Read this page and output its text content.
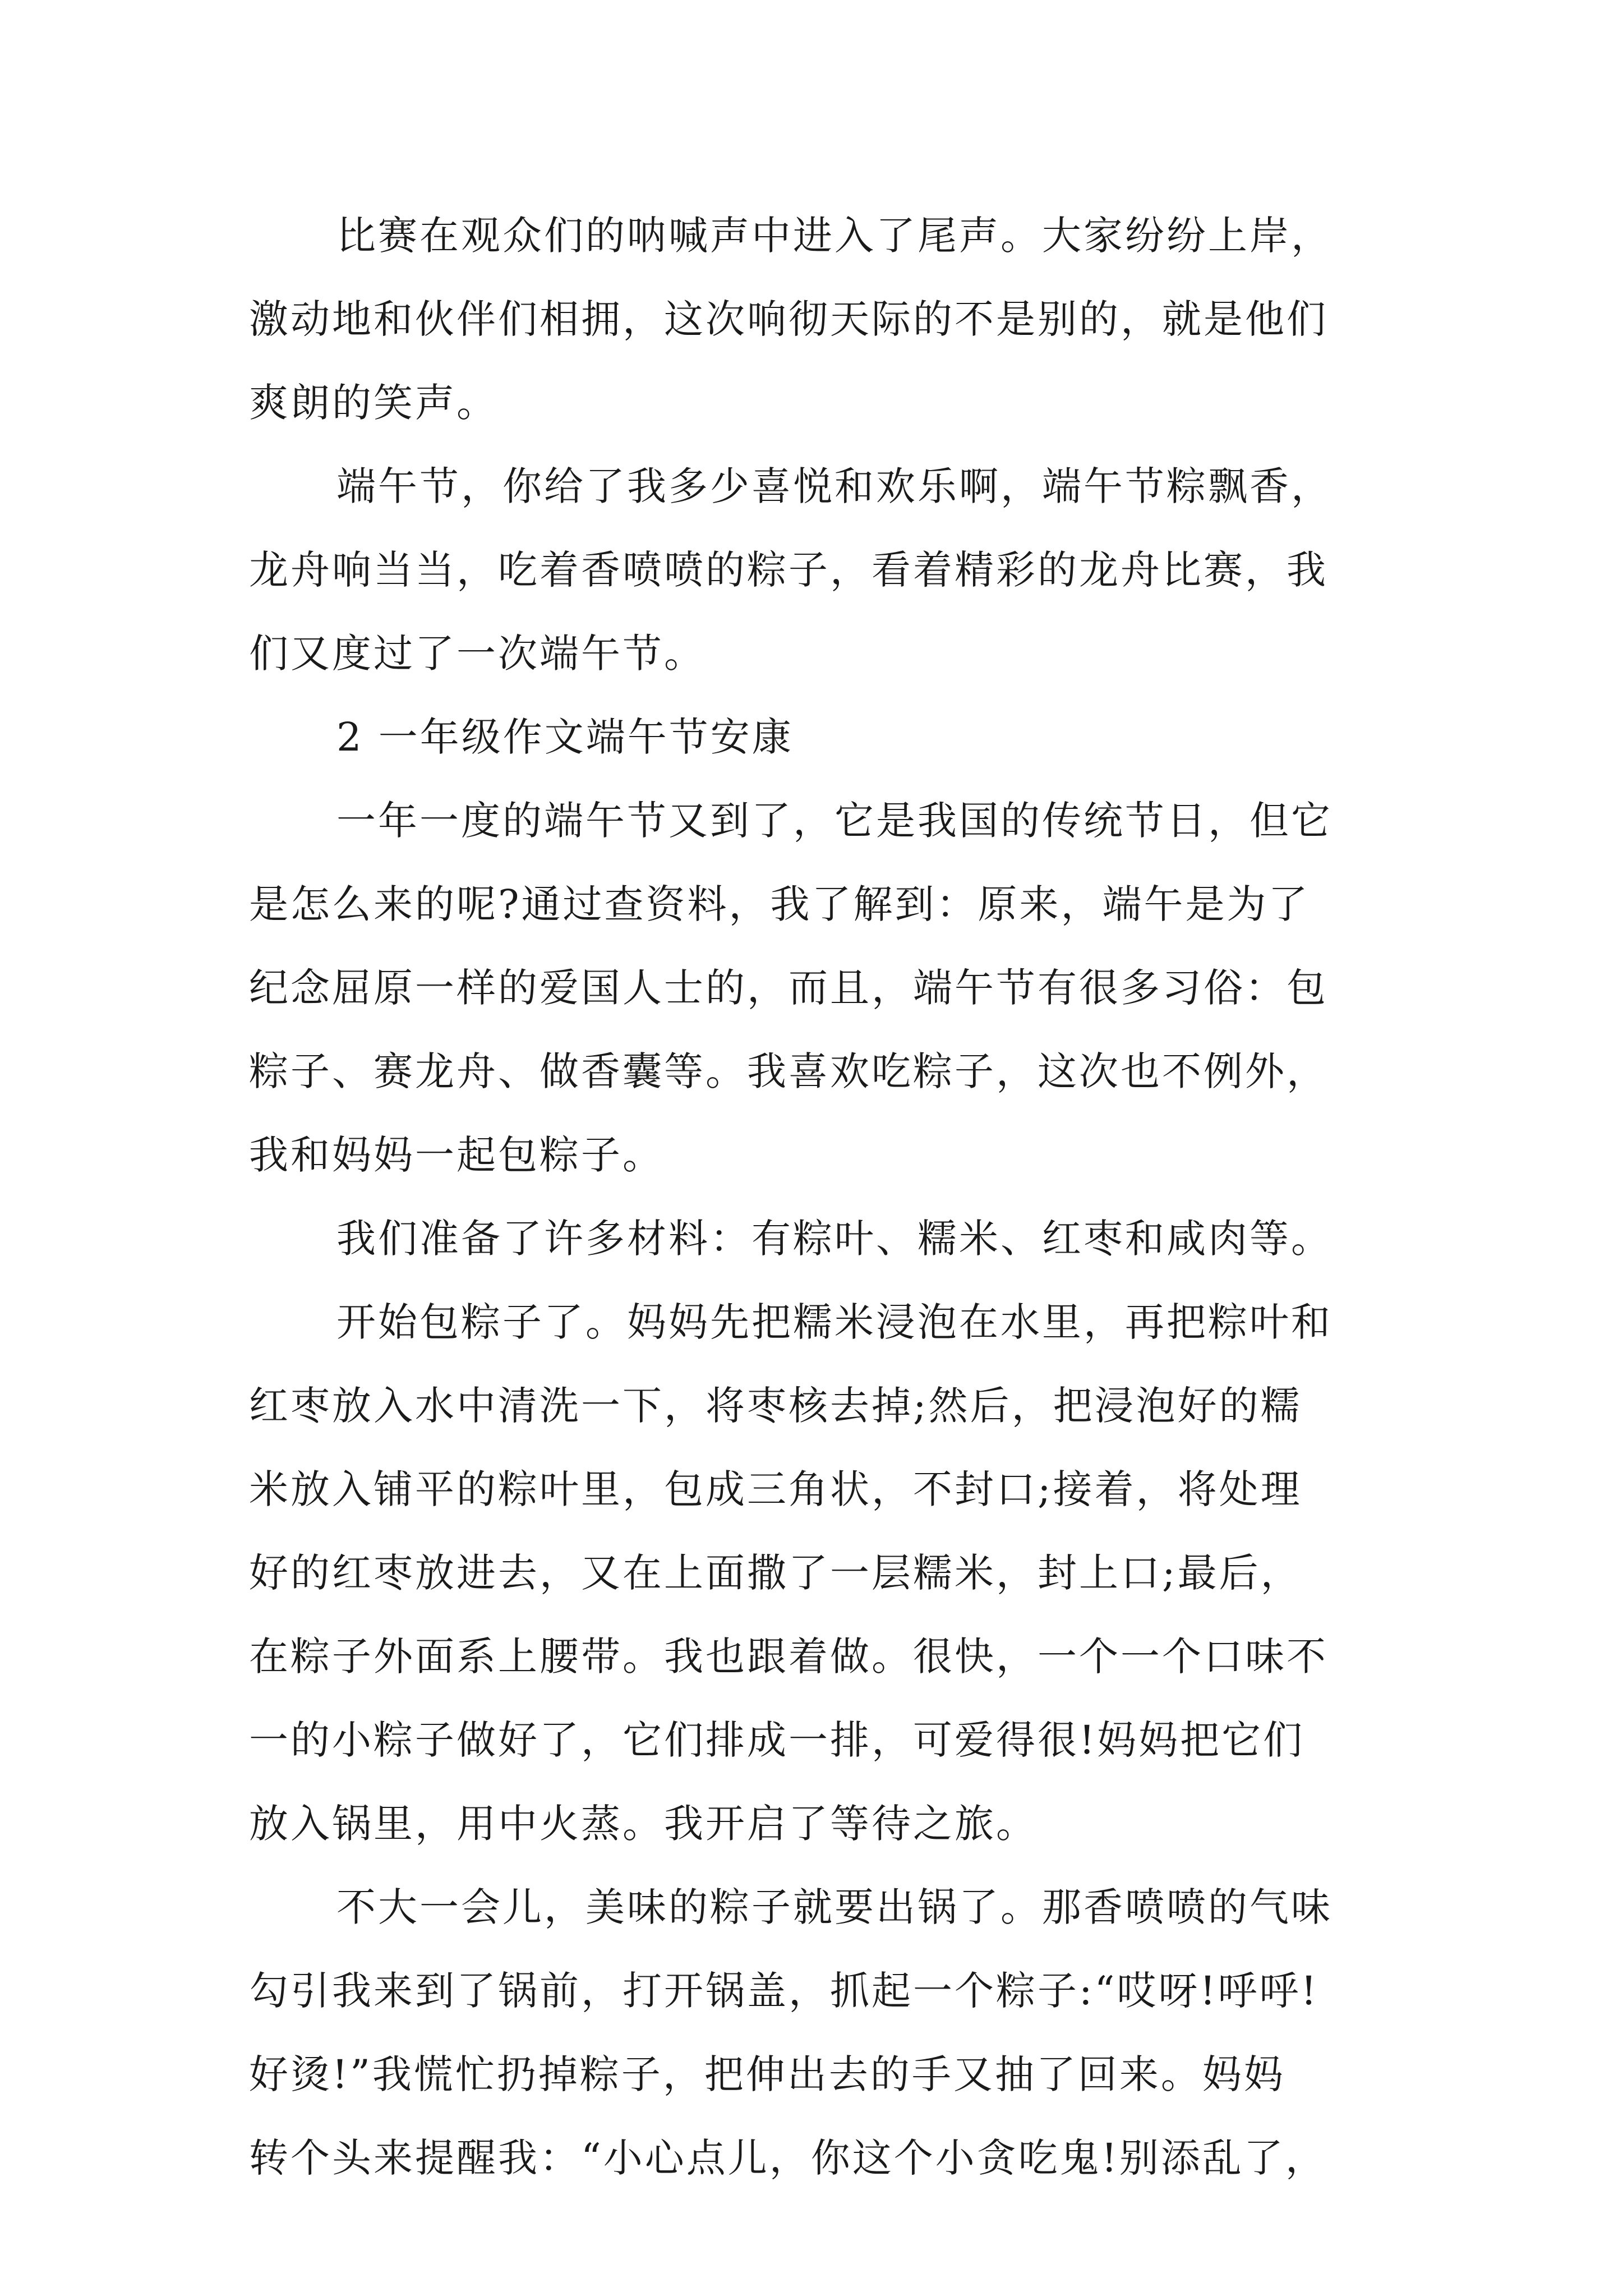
比赛在观众们的呐喊声中进入了尾声。大家纷纷上岸，
激动地和伙伴们相拥，这次响彻天际的不是别的，就是他们
爽朗的笑声。
端午节，你给了我多少喜悦和欢乐啊，端午节粽飘香，
龙舟响当当，吃着香喷喷的粽子，看着精彩的龙舟比赛，我
们又度过了一次端午节。
2 一年级作文端午节安康
一年一度的端午节又到了，它是我国的传统节日，但它
是怎么来的呢?通过查资料，我了解到：原来，端午是为了
纪念屈原一样的爱国人士的，而且，端午节有很多习俗：包
粽子、赛龙舟、做香囊等。我喜欢吃粽子，这次也不例外，
我和妈妈一起包粽子。
我们准备了许多材料：有粽叶、糯米、红枣和咸肉等。
开始包粽子了。妈妈先把糯米浸泡在水里，再把粽叶和
红枣放入水中清洗一下，将枣核去掉;然后，把浸泡好的糯
米放入铺平的粽叶里，包成三角状，不封口;接着，将处理
好的红枣放进去，又在上面撒了一层糯米，封上口;最后，
在粽子外面系上腰带。我也跟着做。很快，一个一个口味不
一的小粽子做好了，它们排成一排，可爱得很!妈妈把它们
放入锅里，用中火蒸。我开启了等待之旅。
不大一会儿，美味的粽子就要出锅了。那香喷喷的气味
勾引我来到了锅前，打开锅盖，抓起一个粽子:“哎呀!呼呼!
好烫!”我慌忙扔掉粽子，把伸出去的手又抽了回来。妈妈
转个头来提醒我：“小心点儿，你这个小贪吃鬼!别添乱了，
